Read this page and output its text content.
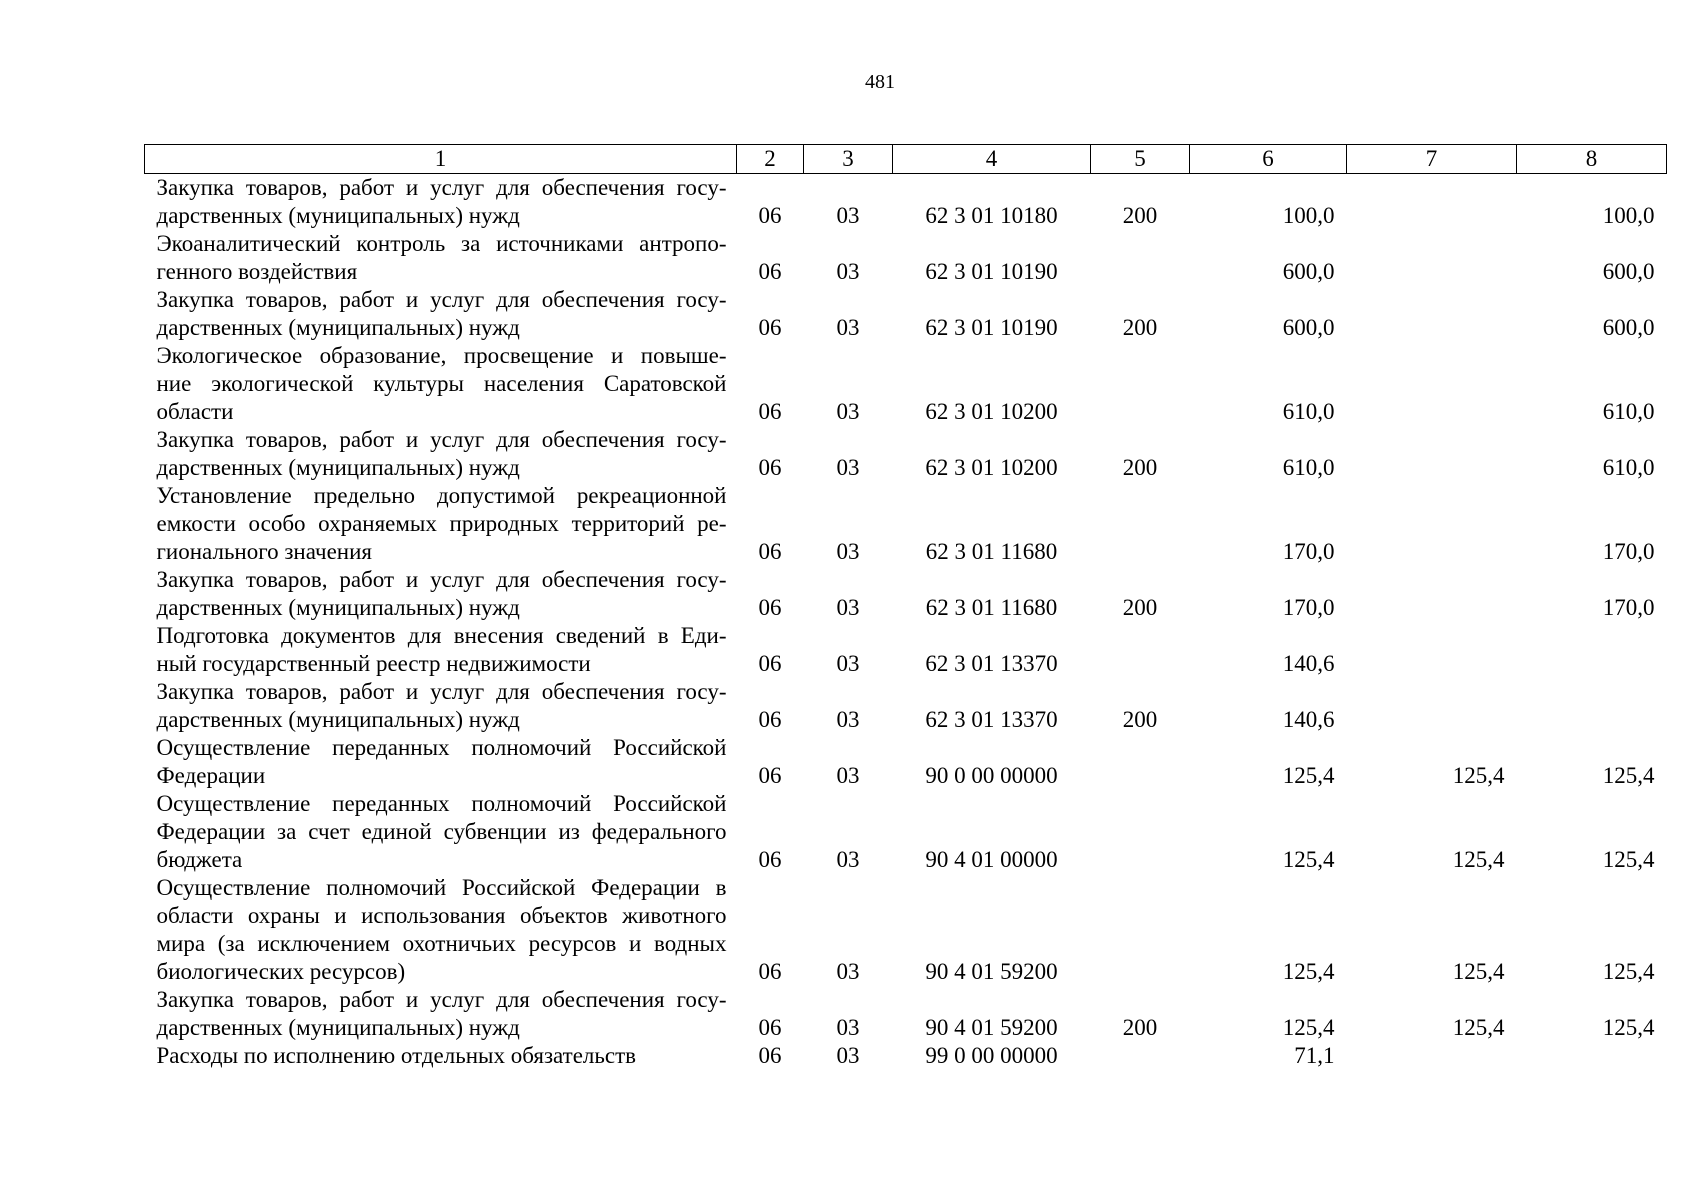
481
1	2	3	4	5	6	7	8

Закупка товаров, работ и услуг для обеспечения госу-
дарственных (муниципальных) нужд	06	03	62 3 01 10180	200	100,0		100,0

Экоаналитический контроль за источниками антропо-
генного воздействия	06	03	62 3 01 10190		600,0		600,0

Закупка товаров, работ и услуг для обеспечения госу-
дарственных (муниципальных) нужд	06	03	62 3 01 10190	200	600,0		600,0

Экологическое образование, просвещение и повыше-
ние экологической культуры населения Саратовской
области	06	03	62 3 01 10200		610,0		610,0

Закупка товаров, работ и услуг для обеспечения госу-
дарственных (муниципальных) нужд	06	03	62 3 01 10200	200	610,0		610,0

Установление предельно допустимой рекреационной
емкости особо охраняемых природных территорий ре-
гионального значения	06	03	62 3 01 11680		170,0		170,0

Закупка товаров, работ и услуг для обеспечения госу-
дарственных (муниципальных) нужд	06	03	62 3 01 11680	200	170,0		170,0

Подготовка документов для внесения сведений в Еди-
ный государственный реестр недвижимости	06	03	62 3 01 13370		140,6		

Закупка товаров, работ и услуг для обеспечения госу-
дарственных (муниципальных) нужд	06	03	62 3 01 13370	200	140,6		

Осуществление переданных полномочий Российской
Федерации	06	03	90 0 00 00000		125,4	125,4	125,4

Осуществление переданных полномочий Российской
Федерации за счет единой субвенции из федерального
бюджета	06	03	90 4 01 00000		125,4	125,4	125,4

Осуществление полномочий Российской Федерации в
области охраны и использования объектов животного
мира (за исключением охотничьих ресурсов и водных
биологических ресурсов)	06	03	90 4 01 59200		125,4	125,4	125,4

Закупка товаров, работ и услуг для обеспечения госу-
дарственных (муниципальных) нужд	06	03	90 4 01 59200	200	125,4	125,4	125,4

Расходы по исполнению отдельных обязательств	06	03	99 0 00 00000		71,1		
